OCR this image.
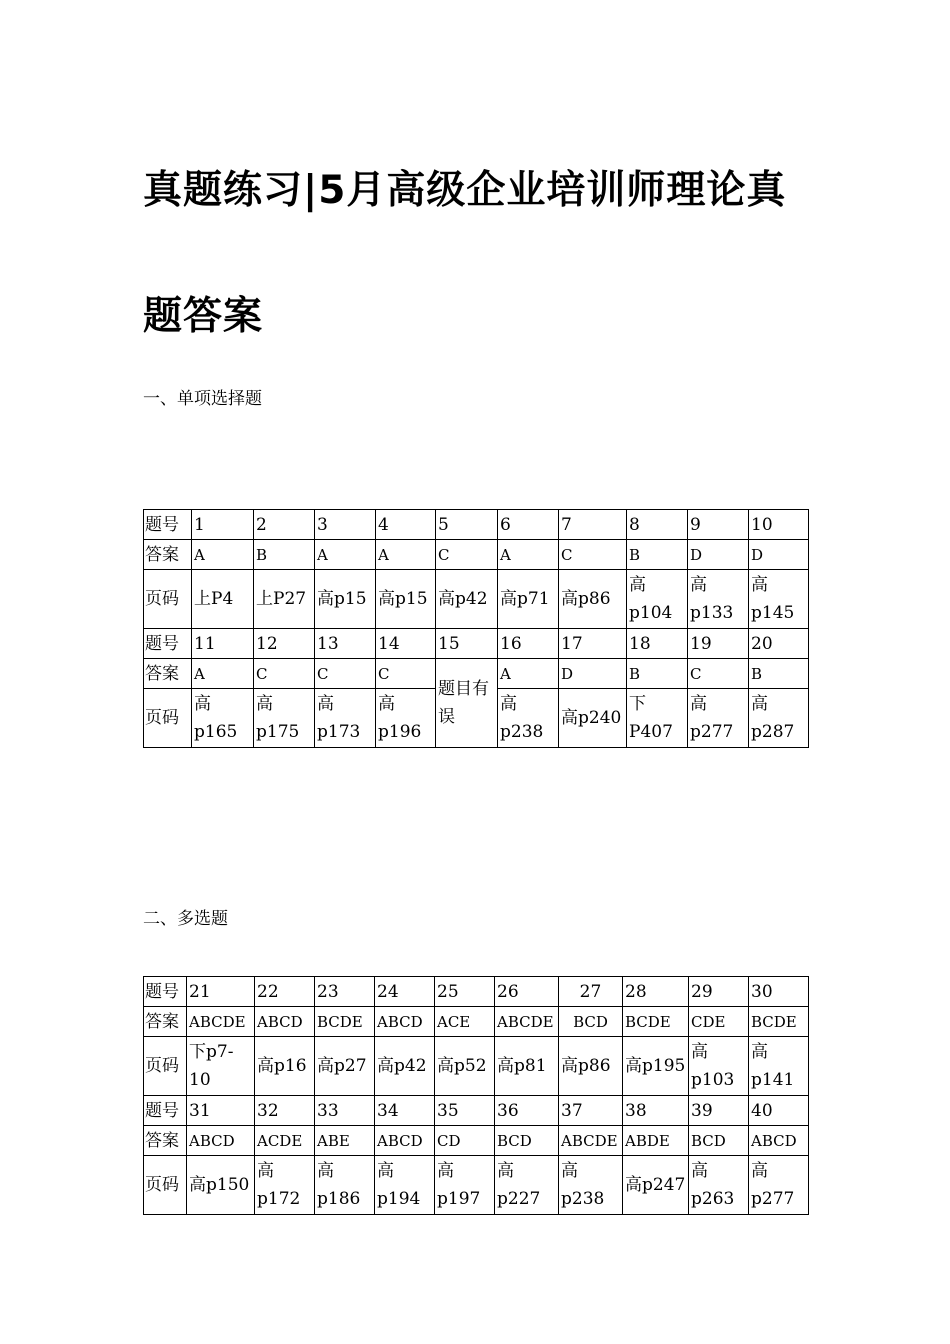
真题练习|5月高级企业培训师理论真题答案

一、单项选择题

题号	1	2	3	4	5	6	7	8	9	10
答案	A	B	A	A	C	A	C	B	D	D
页码	上P4	上P27	高p15	高p15	高p42	高p71	高p86	高p104	高p133	高p145
题号	11	12	13	14	15	16	17	18	19	20
答案	A	C	C	C	题目有误	A	D	B	C	B
页码	高p165	高p175	高p173	高p196		高p238	高p240	下P407	高p277	高p287

二、多选题

题号	21	22	23	24	25	26	27	28	29	30
答案	ABCDE	ABCD	BCDE	ABCD	ACE	ABCDE	BCD	BCDE	CDE	BCDE
页码	下p7-10	高p16	高p27	高p42	高p52	高p81	高p86	高p195	高p103	高p141
题号	31	32	33	34	35	36	37	38	39	40
答案	ABCD	ACDE	ABE	ABCD	CD	BCD	ABCDE	ABDE	BCD	ABCD
页码	高p150	高p172	高p186	高p194	高p197	高p227	高p238	高p247	高p263	高p277
